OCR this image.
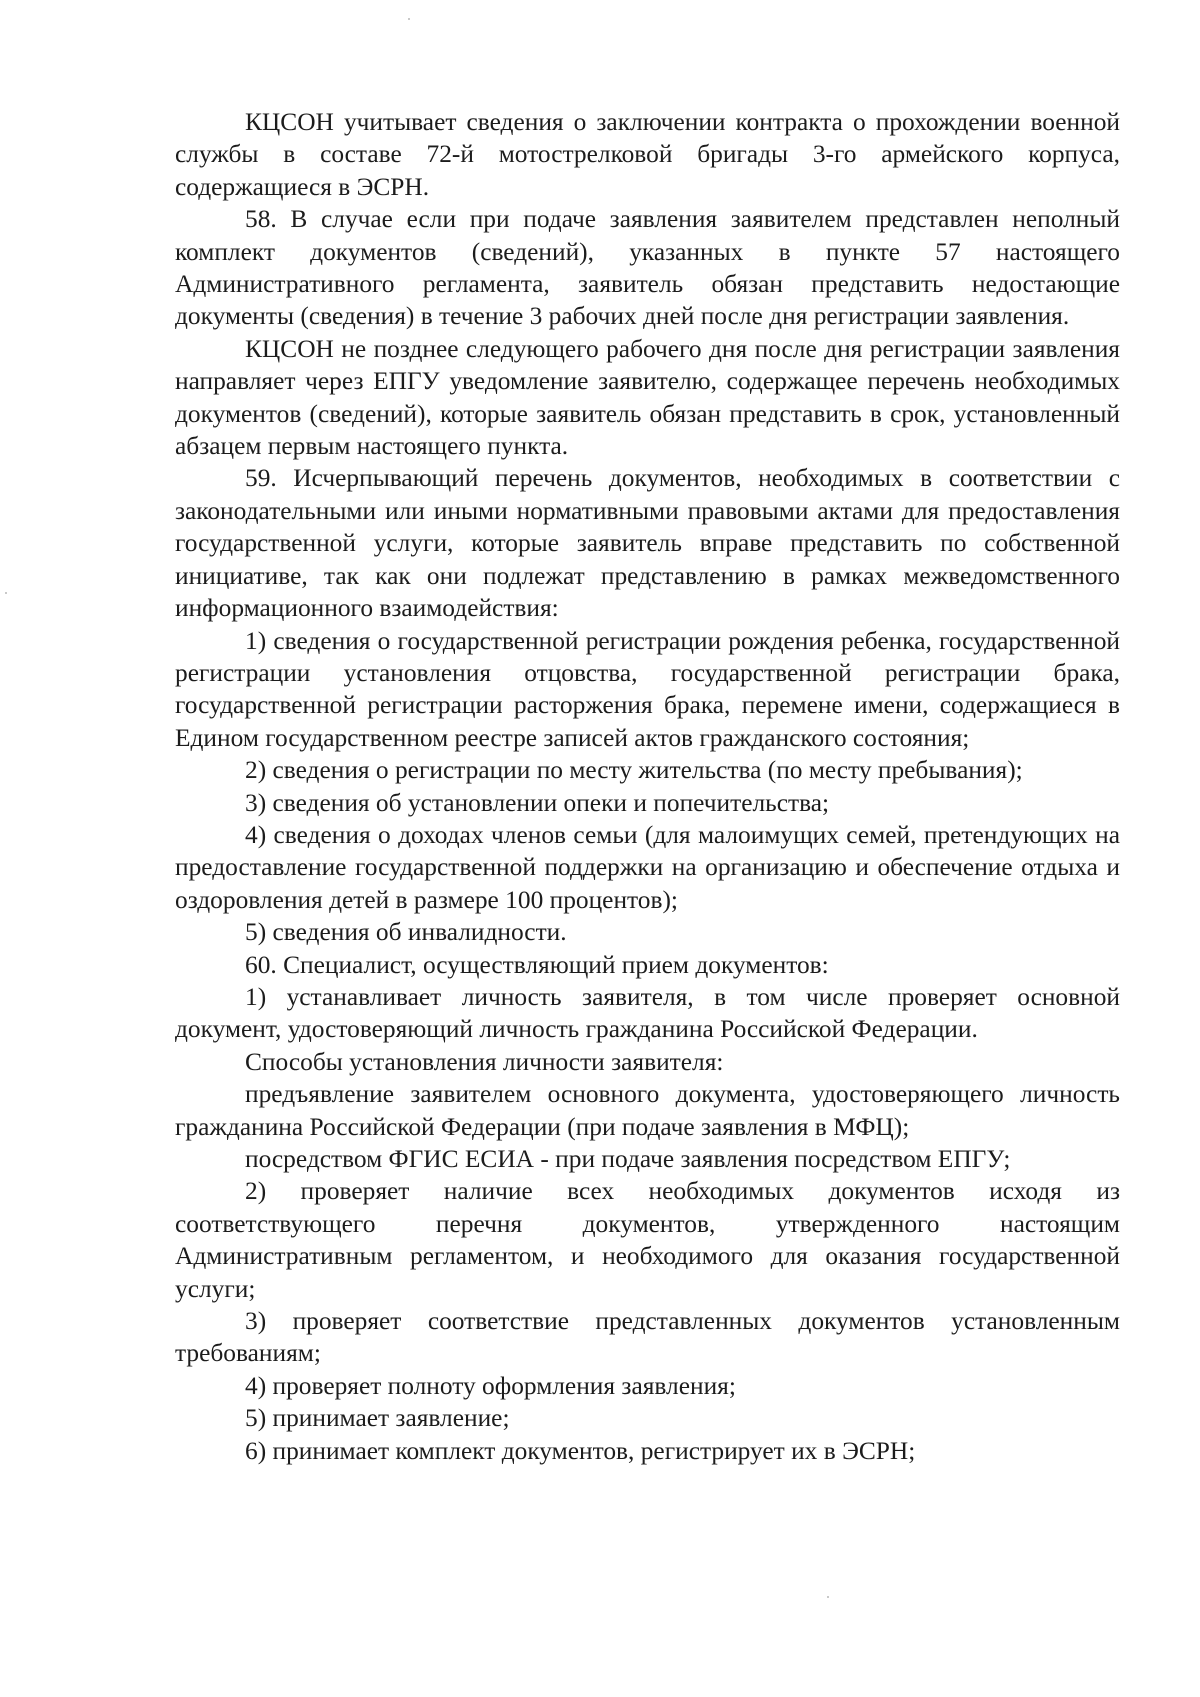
КЦСОН учитывает сведения о заключении контракта о прохождении военной службы в составе 72-й мотострелковой бригады 3-го армейского корпуса, содержащиеся в ЭСРН.

58. В случае если при подаче заявления заявителем представлен неполный комплект документов (сведений), указанных в пункте 57 настоящего Административного регламента, заявитель обязан представить недостающие документы (сведения) в течение 3 рабочих дней после дня регистрации заявления.

КЦСОН не позднее следующего рабочего дня после дня регистрации заявления направляет через ЕПГУ уведомление заявителю, содержащее перечень необходимых документов (сведений), которые заявитель обязан представить в срок, установленный абзацем первым настоящего пункта.

59. Исчерпывающий перечень документов, необходимых в соответствии с законодательными или иными нормативными правовыми актами для предоставления государственной услуги, которые заявитель вправе представить по собственной инициативе, так как они подлежат представлению в рамках межведомственного информационного взаимодействия:

1) сведения о государственной регистрации рождения ребенка, государственной регистрации установления отцовства, государственной регистрации брака, государственной регистрации расторжения брака, перемене имени, содержащиеся в Едином государственном реестре записей актов гражданского состояния;

2) сведения о регистрации по месту жительства (по месту пребывания);

3) сведения об установлении опеки и попечительства;

4) сведения о доходах членов семьи (для малоимущих семей, претендующих на предоставление государственной поддержки на организацию и обеспечение отдыха и оздоровления детей в размере 100 процентов);

5) сведения об инвалидности.

60. Специалист, осуществляющий прием документов:

1) устанавливает личность заявителя, в том числе проверяет основной документ, удостоверяющий личность гражданина Российской Федерации.

Способы установления личности заявителя:

предъявление заявителем основного документа, удостоверяющего личность гражданина Российской Федерации (при подаче заявления в МФЦ);

посредством ФГИС ЕСИА - при подаче заявления посредством ЕПГУ;

2) проверяет наличие всех необходимых документов исходя из соответствующего перечня документов, утвержденного настоящим Административным регламентом, и необходимого для оказания государственной услуги;

3) проверяет соответствие представленных документов установленным требованиям;

4) проверяет полноту оформления заявления;

5) принимает заявление;

6) принимает комплект документов, регистрирует их в ЭСРН;
